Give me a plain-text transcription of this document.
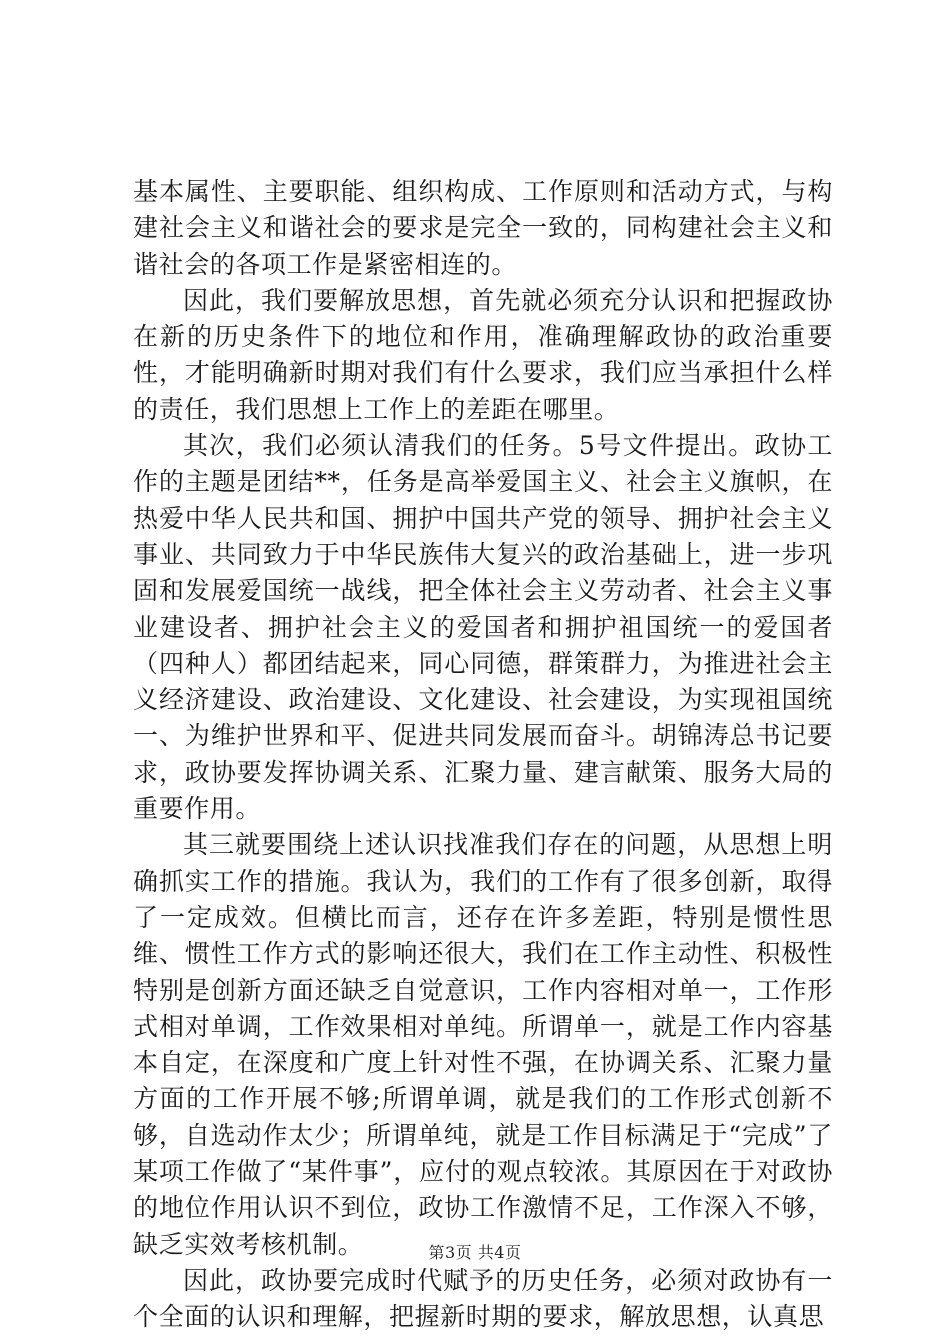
基本属性、主要职能、组织构成、工作原则和活动方式，与构建社会主义和谐社会的要求是完全一致的，同构建社会主义和谐社会的各项工作是紧密相连的。

因此，我们要解放思想，首先就必须充分认识和把握政协在新的历史条件下的地位和作用，准确理解政协的政治重要性，才能明确新时期对我们有什么要求，我们应当承担什么样的责任，我们思想上工作上的差距在哪里。

其次，我们必须认清我们的任务。5号文件提出。政协工作的主题是团结**，任务是高举爱国主义、社会主义旗帜，在热爱中华人民共和国、拥护中国共产党的领导、拥护社会主义事业、共同致力于中华民族伟大复兴的政治基础上，进一步巩固和发展爱国统一战线，把全体社会主义劳动者、社会主义事业建设者、拥护社会主义的爱国者和拥护祖国统一的爱国者（四种人）都团结起来，同心同德，群策群力，为推进社会主义经济建设、政治建设、文化建设、社会建设，为实现祖国统一、为维护世界和平、促进共同发展而奋斗。胡锦涛总书记要求，政协要发挥协调关系、汇聚力量、建言献策、服务大局的重要作用。

其三就要围绕上述认识找准我们存在的问题，从思想上明确抓实工作的措施。我认为，我们的工作有了很多创新，取得了一定成效。但横比而言，还存在许多差距，特别是惯性思维、惯性工作方式的影响还很大，我们在工作主动性、积极性特别是创新方面还缺乏自觉意识，工作内容相对单一，工作形式相对单调，工作效果相对单纯。所谓单一，就是工作内容基本自定，在深度和广度上针对性不强，在协调关系、汇聚力量方面的工作开展不够;所谓单调，就是我们的工作形式创新不够，自选动作太少；所谓单纯，就是工作目标满足于“完成”了某项工作做了“某件事”，应付的观点较浓。其原因在于对政协的地位作用认识不到位，政协工作激情不足，工作深入不够，缺乏实效考核机制。

因此，政协要完成时代赋予的历史任务，必须对政协有一个全面的认识和理解，把握新时期的要求，解放思想，认真思

第3页 共4页
